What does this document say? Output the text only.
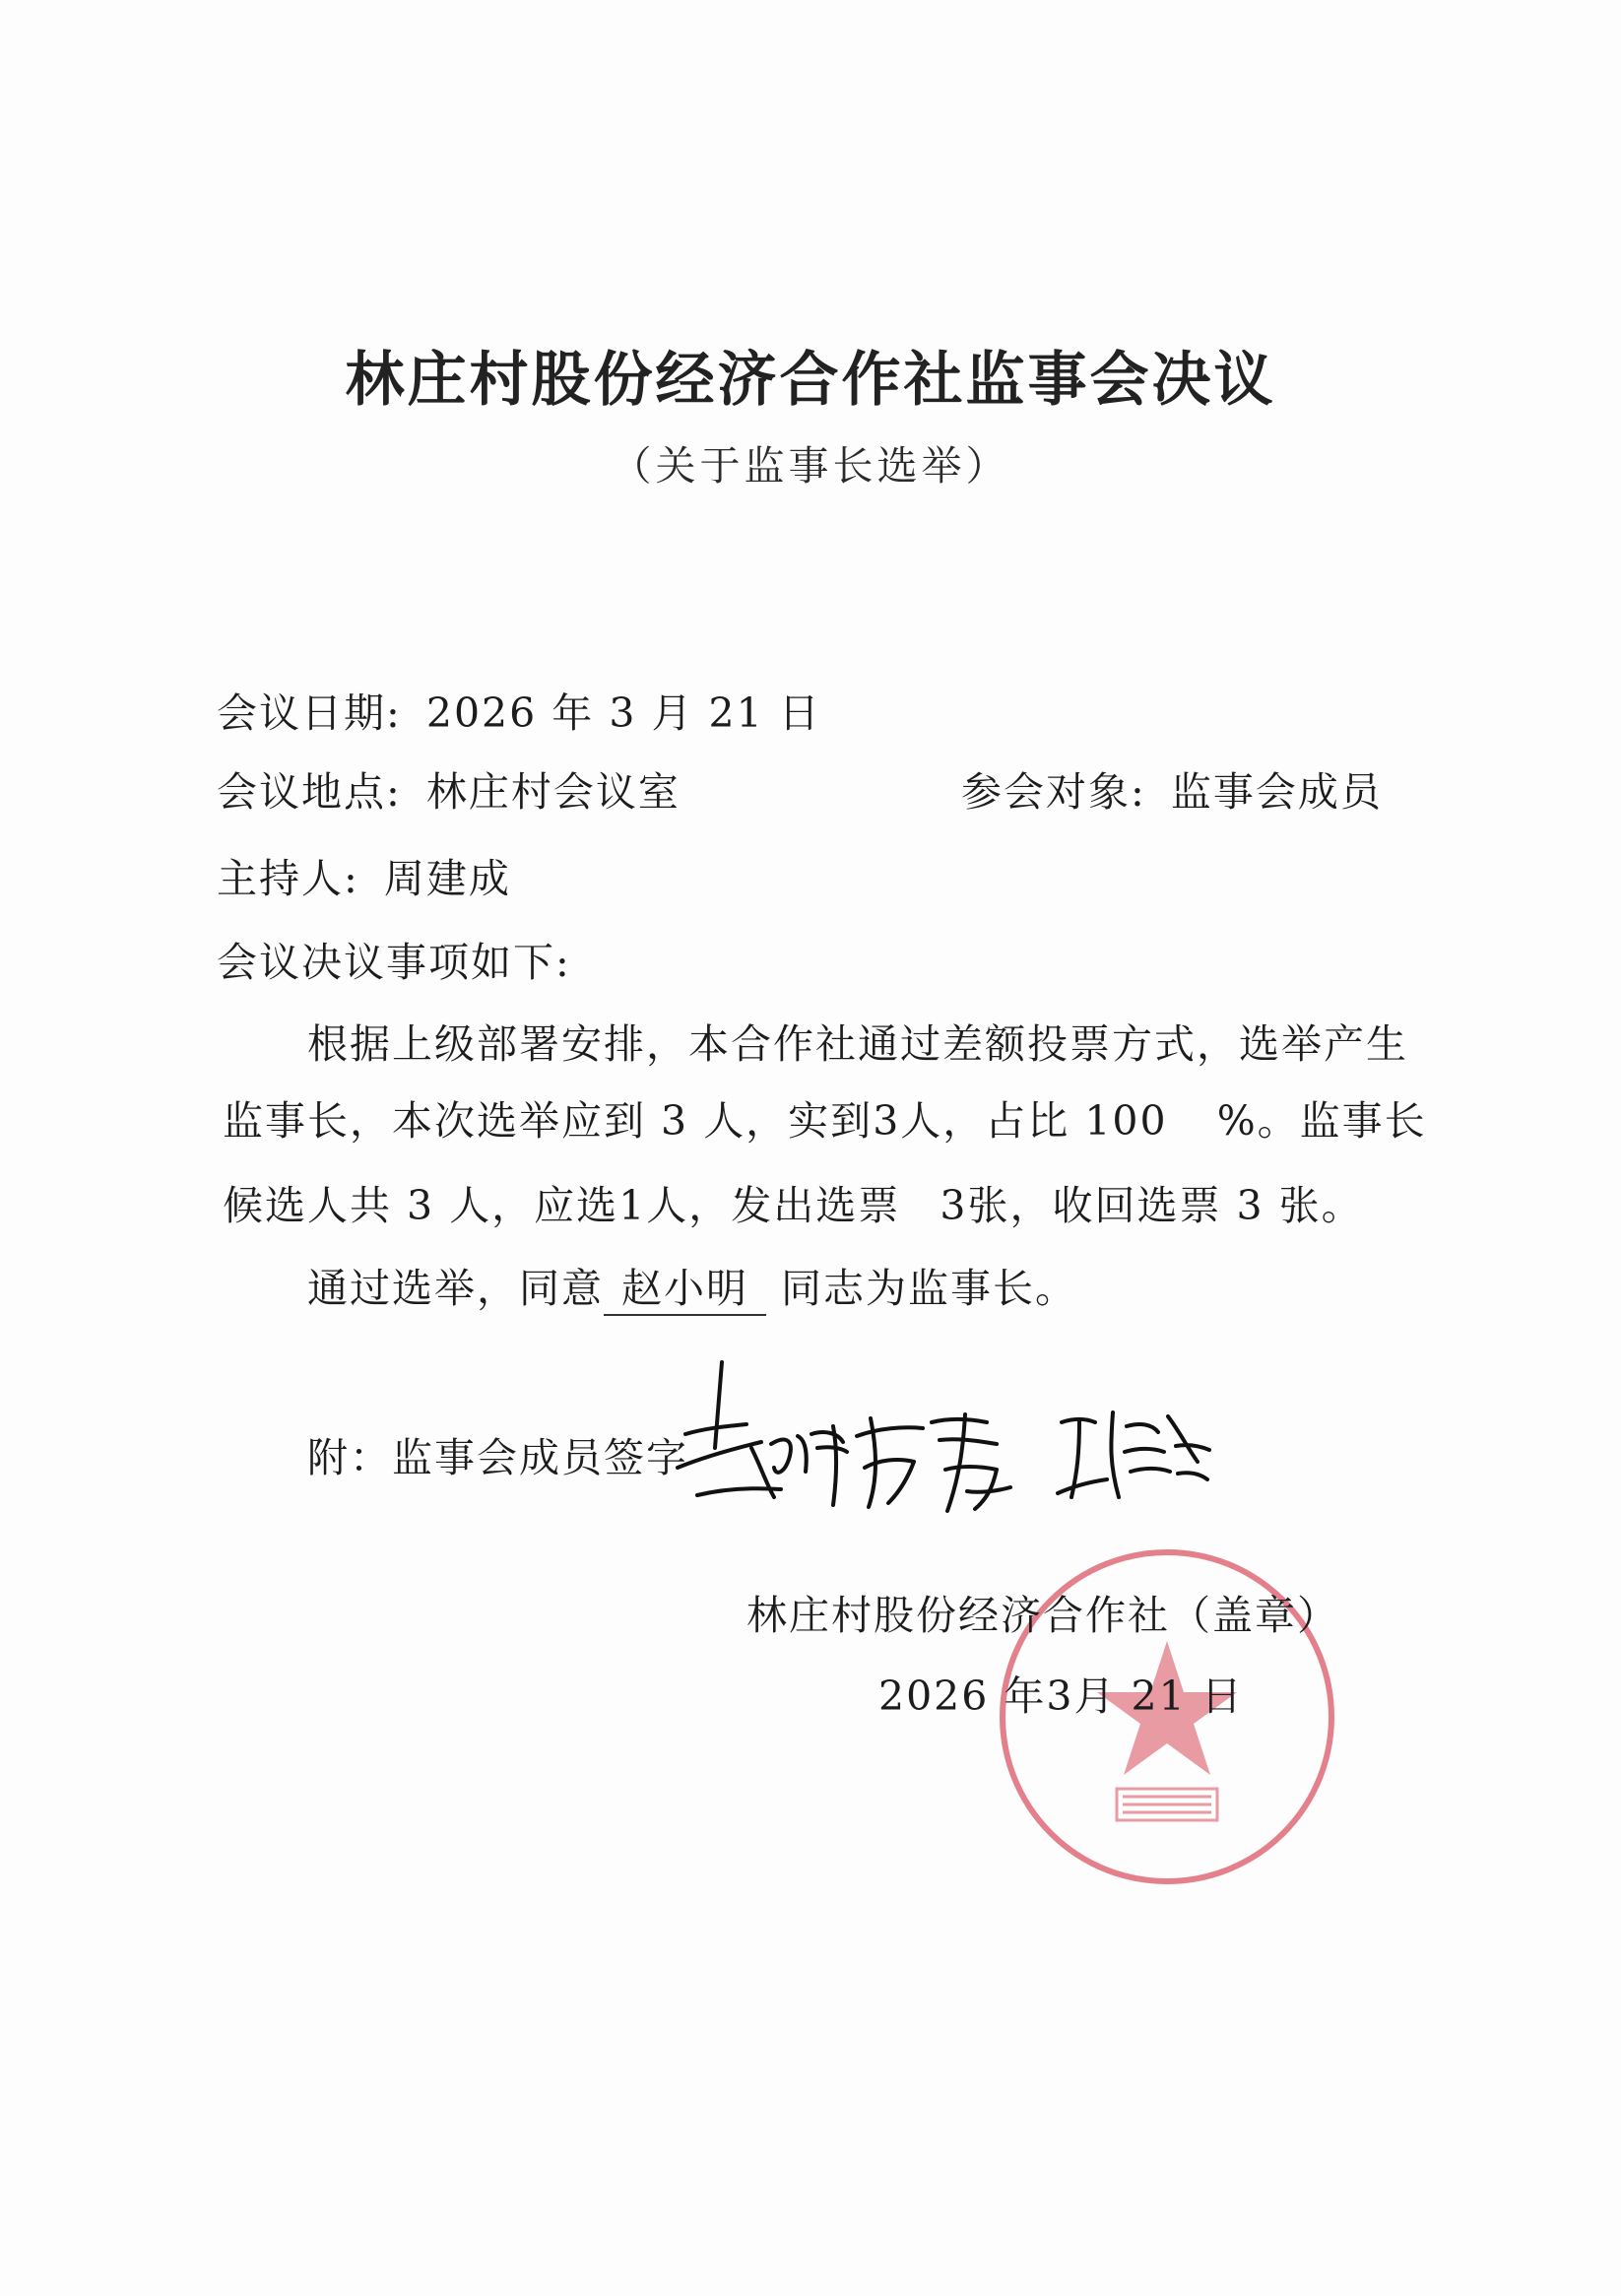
林庄村股份经济合作社监事会决议
（关于监事长选举）
会议日期: 2026 年 3 月 21 日
会议地点: 林庄村会议室	参会对象: 监事会成员
主持人: 周建成
会议决议事项如下:
根据上级部署安排，本合作社通过差额投票方式，选举产生
监事长，本次选举应到 3 人，实到3人，占比 100 %。监事长
候选人共 3 人，应选1人，发出选票 3张，收回选票 3 张。
通过选举，同意 赵小明 同志为监事长。
附：监事会成员签字
林庄村股份经济合作社（盖章）
2026 年3月 21 日
